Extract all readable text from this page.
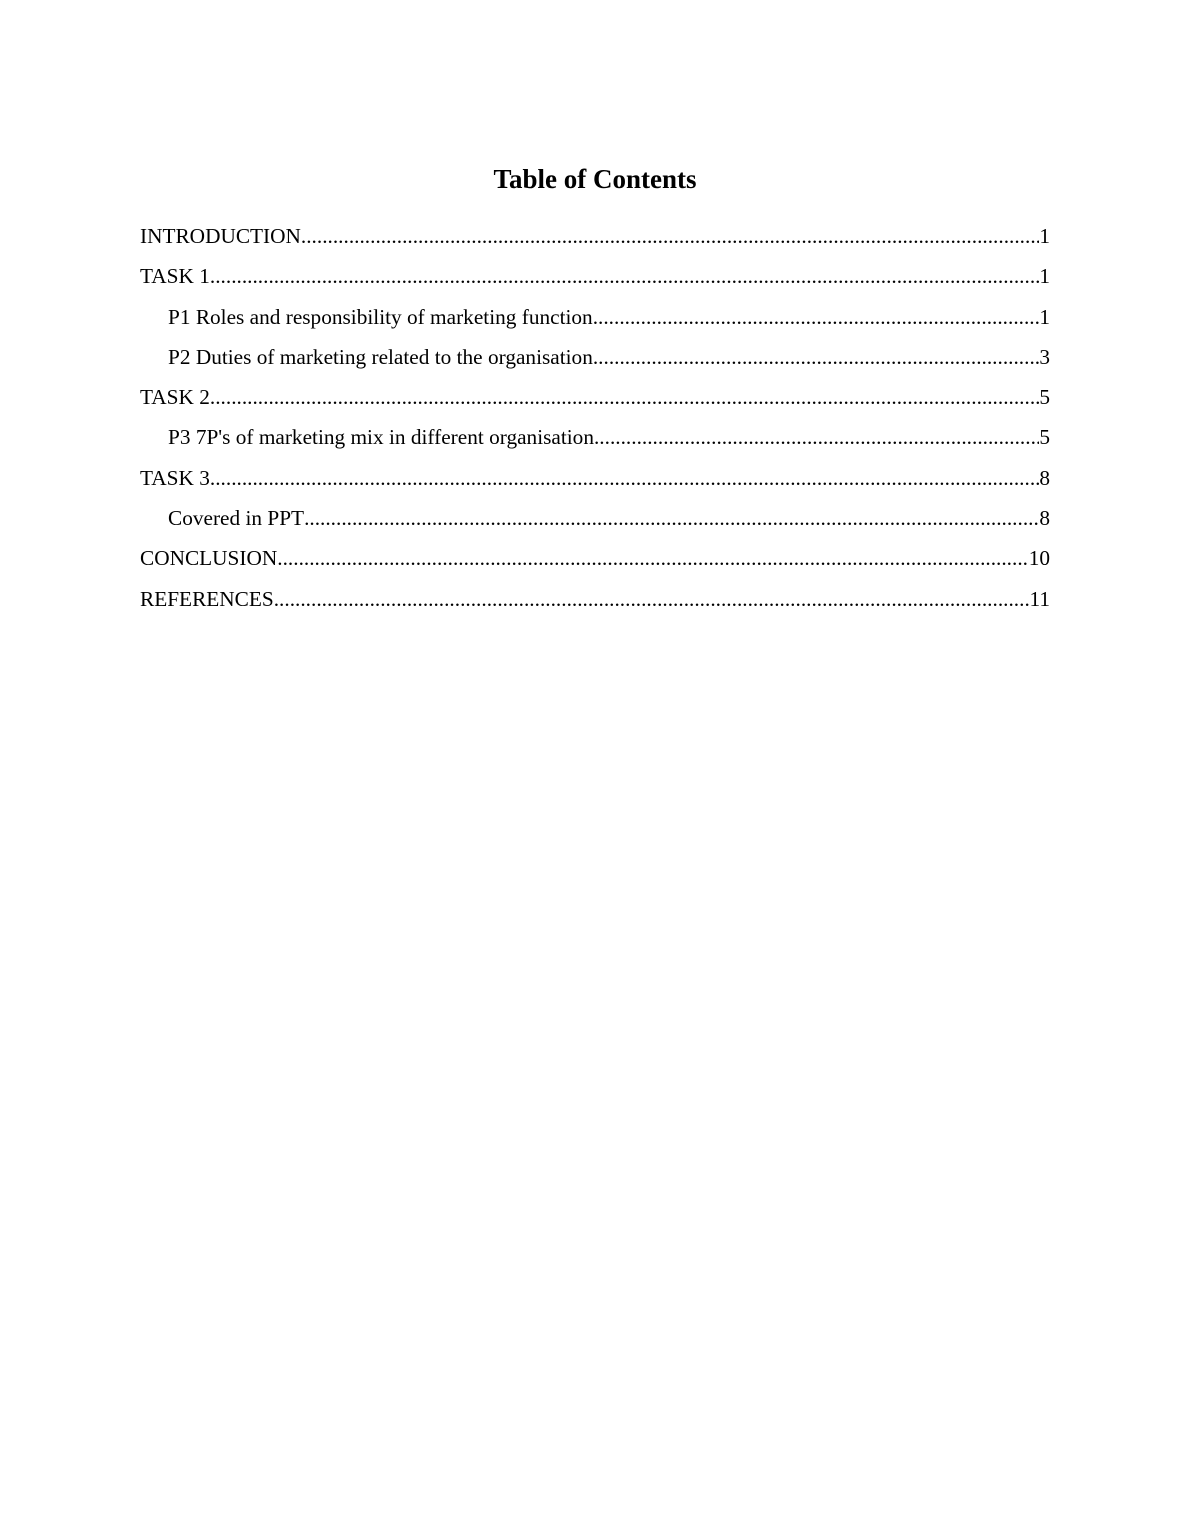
Table of Contents
INTRODUCTION .....	1
TASK 1 .....	1
P1 Roles and responsibility of marketing function .....	1
P2 Duties of marketing related to the organisation .....	3
TASK 2 .....	5
P3 7P's of marketing mix in different organisation .....	5
TASK 3 .....	8
Covered in PPT .....	8
CONCLUSION .....	10
REFERENCES .....	11
